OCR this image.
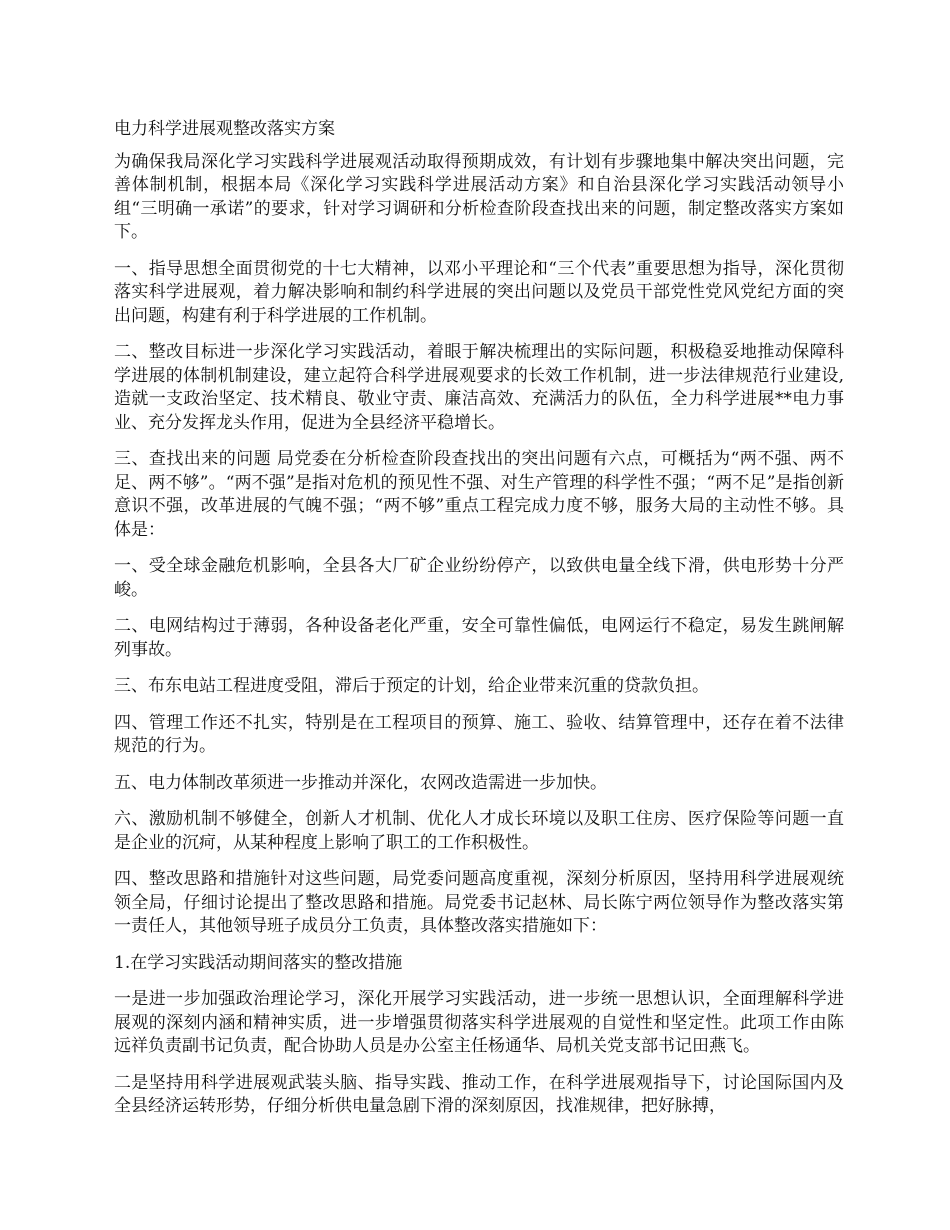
电力科学进展观整改落实方案

为确保我局深化学习实践科学进展观活动取得预期成效，有计划有步骤地集中解决突出问题，完善体制机制，根据本局《深化学习实践科学进展活动方案》和自治县深化学习实践活动领导小组“三明确一承诺”的要求，针对学习调研和分析检查阶段查找出来的问题，制定整改落实方案如下。

一、指导思想全面贯彻党的十七大精神，以邓小平理论和“三个代表”重要思想为指导，深化贯彻落实科学进展观，着力解决影响和制约科学进展的突出问题以及党员干部党性党风党纪方面的突出问题，构建有利于科学进展的工作机制。

二、整改目标进一步深化学习实践活动，着眼于解决梳理出的实际问题，积极稳妥地推动保障科学进展的体制机制建设，建立起符合科学进展观要求的长效工作机制，进一步法律规范行业建设,造就一支政治坚定、技术精良、敬业守责、廉洁高效、充满活力的队伍，全力科学进展**电力事业、充分发挥龙头作用，促进为全县经济平稳增长。

三、查找出来的问题 局党委在分析检查阶段查找出的突出问题有六点，可概括为“两不强、两不足、两不够”。“两不强”是指对危机的预见性不强、对生产管理的科学性不强；“两不足”是指创新意识不强，改革进展的气魄不强；“两不够”重点工程完成力度不够，服务大局的主动性不够。具体是：

一、受全球金融危机影响，全县各大厂矿企业纷纷停产，以致供电量全线下滑，供电形势十分严峻。

二、电网结构过于薄弱，各种设备老化严重，安全可靠性偏低，电网运行不稳定，易发生跳闸解列事故。

三、布东电站工程进度受阻，滞后于预定的计划，给企业带来沉重的贷款负担。

四、管理工作还不扎实，特别是在工程项目的预算、施工、验收、结算管理中，还存在着不法律规范的行为。

五、电力体制改革须进一步推动并深化，农网改造需进一步加快。

六、激励机制不够健全，创新人才机制、优化人才成长环境以及职工住房、医疗保险等问题一直是企业的沉疴，从某种程度上影响了职工的工作积极性。

四、整改思路和措施针对这些问题，局党委问题高度重视，深刻分析原因，坚持用科学进展观统领全局，仔细讨论提出了整改思路和措施。局党委书记赵林、局长陈宁两位领导作为整改落实第一责任人，其他领导班子成员分工负责，具体整改落实措施如下：

1.在学习实践活动期间落实的整改措施

一是进一步加强政治理论学习，深化开展学习实践活动，进一步统一思想认识，全面理解科学进展观的深刻内涵和精神实质，进一步增强贯彻落实科学进展观的自觉性和坚定性。此项工作由陈远祥负责副书记负责，配合协助人员是办公室主任杨通华、局机关党支部书记田燕飞。

二是坚持用科学进展观武装头脑、指导实践、推动工作，在科学进展观指导下，讨论国际国内及全县经济运转形势，仔细分析供电量急剧下滑的深刻原因，找准规律，把好脉搏，
